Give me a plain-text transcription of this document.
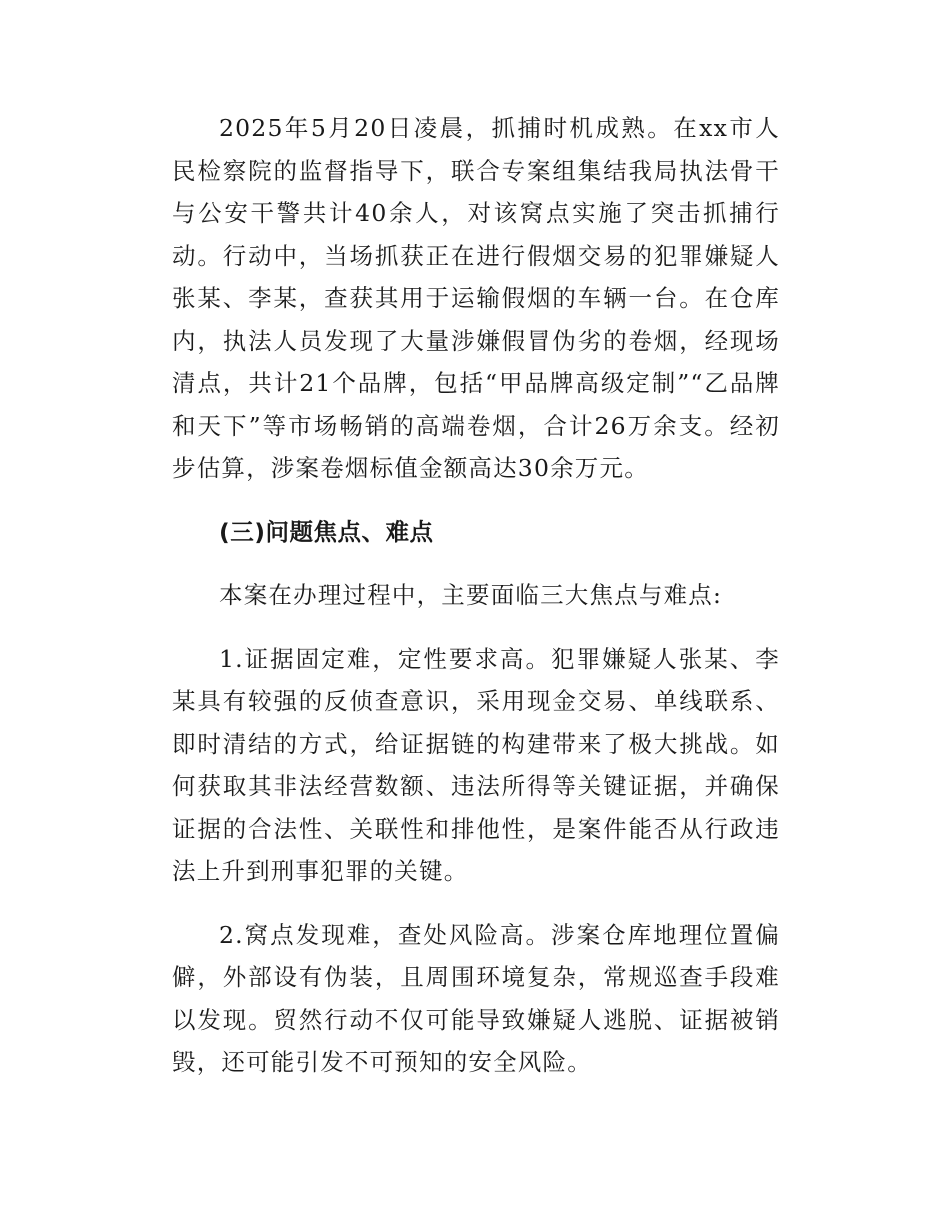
2025年5月20日凌晨，抓捕时机成熟。在xx市人民检察院的监督指导下，联合专案组集结我局执法骨干与公安干警共计40余人，对该窝点实施了突击抓捕行动。行动中，当场抓获正在进行假烟交易的犯罪嫌疑人张某、李某，查获其用于运输假烟的车辆一台。在仓库内，执法人员发现了大量涉嫌假冒伪劣的卷烟，经现场清点，共计21个品牌，包括“甲品牌高级定制”“乙品牌和天下”等市场畅销的高端卷烟，合计26万余支。经初步估算，涉案卷烟标值金额高达30余万元。

(三)问题焦点、难点

本案在办理过程中，主要面临三大焦点与难点:

1.证据固定难，定性要求高。犯罪嫌疑人张某、李某具有较强的反侦查意识，采用现金交易、单线联系、即时清结的方式，给证据链的构建带来了极大挑战。如何获取其非法经营数额、违法所得等关键证据，并确保证据的合法性、关联性和排他性，是案件能否从行政违法上升到刑事犯罪的关键。

2.窝点发现难，查处风险高。涉案仓库地理位置偏僻，外部设有伪装，且周围环境复杂，常规巡查手段难以发现。贸然行动不仅可能导致嫌疑人逃脱、证据被销毁，还可能引发不可预知的安全风险。
